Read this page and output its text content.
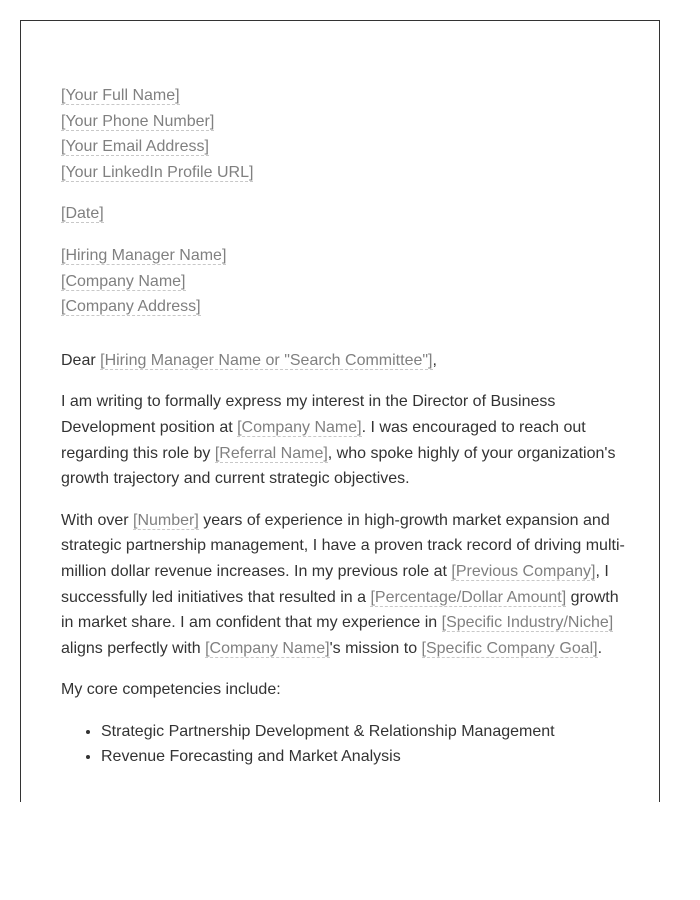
[Your Full Name]
[Your Phone Number]
[Your Email Address]
[Your LinkedIn Profile URL]

[Date]

[Hiring Manager Name]
[Company Name]
[Company Address]

Dear [Hiring Manager Name or "Search Committee"],

I am writing to formally express my interest in the Director of Business Development position at [Company Name]. I was encouraged to reach out regarding this role by [Referral Name], who spoke highly of your organization's growth trajectory and current strategic objectives.

With over [Number] years of experience in high-growth market expansion and strategic partnership management, I have a proven track record of driving multi-million dollar revenue increases. In my previous role at [Previous Company], I successfully led initiatives that resulted in a [Percentage/Dollar Amount] growth in market share. I am confident that my experience in [Specific Industry/Niche] aligns perfectly with [Company Name]'s mission to [Specific Company Goal].

My core competencies include:

• Strategic Partnership Development & Relationship Management
• Revenue Forecasting and Market Analysis
